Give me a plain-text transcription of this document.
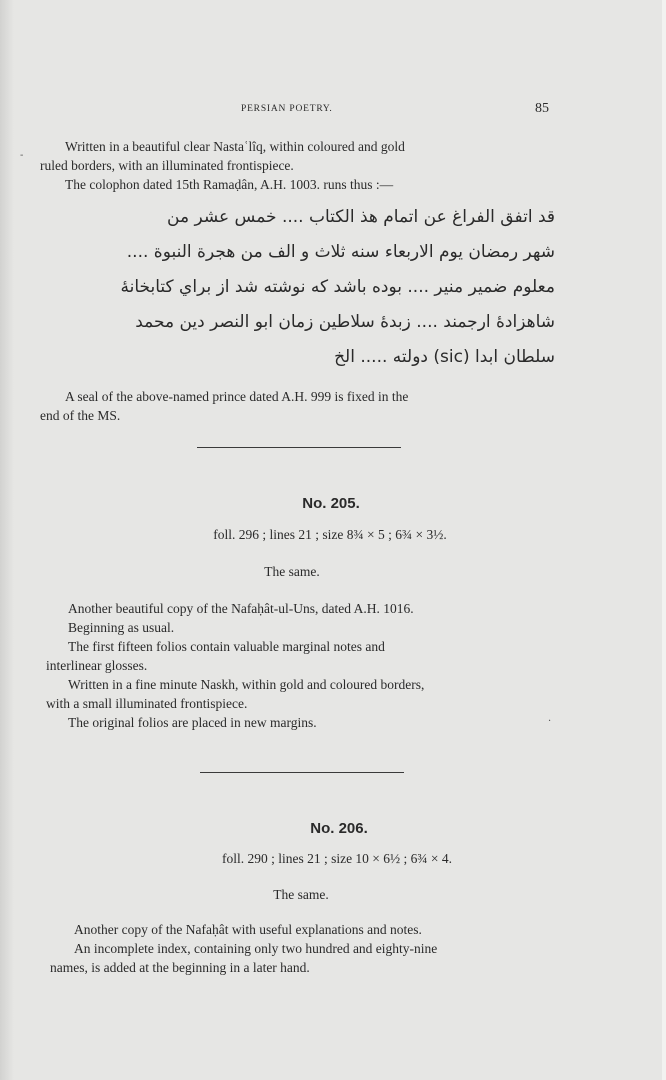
PERSIAN POETRY.	85
-
Written in a beautiful clear Nastaʿlîq, within coloured and gold
ruled borders, with an illuminated frontispiece.
The colophon dated 15th Ramaḍân, A.H. 1003. runs thus :—
قد اتفق الفراغ عن اتمام هذ الكتاب .... خمس عشر من
شهر رمضان يوم الاربعاء سنه ثلاث و الف من هجرة النبوة ....
معلوم ضمير منير .... بوده باشد كه نوشته شد از براي كتابخانهٔ
شاهزادهٔ ارجمند .... زبدهٔ سلاطين زمان ابو النصر دين محمد
سلطان ابدا (sic) دولته ..... الخ
A seal of the above-named prince dated A.H. 999 is fixed in the
end of the MS.
No. 205.
foll. 296 ; lines 21 ; size 8¾ × 5 ; 6¾ × 3½.
The same.
Another beautiful copy of the Nafaḥât-ul-Uns, dated A.H. 1016.
Beginning as usual.
The first fifteen folios contain valuable marginal notes and
interlinear glosses.
Written in a fine minute Naskh, within gold and coloured borders,
with a small illuminated frontispiece.
The original folios are placed in new margins.	·
No. 206.
foll. 290 ; lines 21 ; size 10 × 6½ ; 6¾ × 4.
The same.
Another copy of the Nafaḥât with useful explanations and notes.
An incomplete index, containing only two hundred and eighty-nine
names, is added at the beginning in a later hand.
